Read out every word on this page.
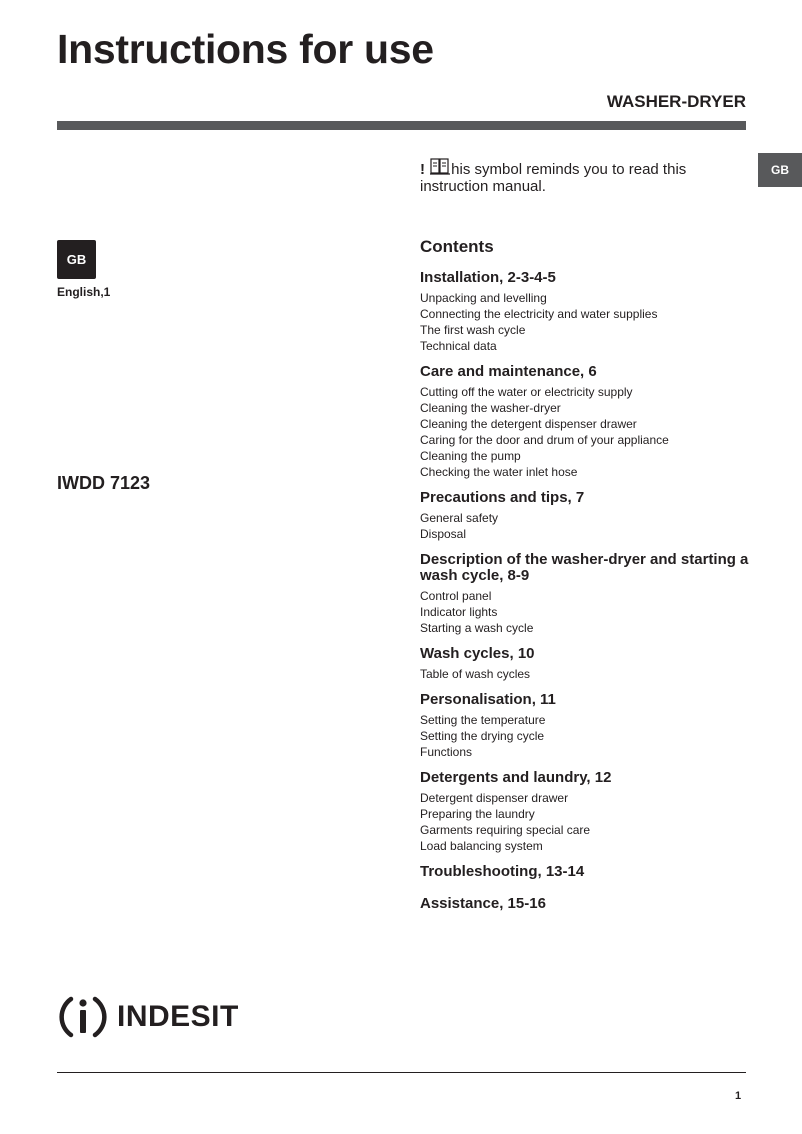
Instructions for use
WASHER-DRYER
GB
GB
English,1
IWDD 7123
! his symbol reminds you to read this instruction manual.
Contents
Installation, 2-3-4-5
Unpacking and levelling
Connecting the electricity and water supplies
The first wash cycle
Technical data
Care and maintenance, 6
Cutting off the water or electricity supply
Cleaning the washer-dryer
Cleaning the detergent dispenser drawer
Caring for the door and drum of your appliance
Cleaning the pump
Checking the water inlet hose
Precautions and tips, 7
General safety
Disposal
Description of the washer-dryer and starting a wash cycle, 8-9
Control panel
Indicator lights
Starting a wash cycle
Wash cycles, 10
Table of wash cycles
Personalisation, 11
Setting the temperature
Setting the drying cycle
Functions
Detergents and laundry, 12
Detergent dispenser drawer
Preparing the laundry
Garments requiring special care
Load balancing system
Troubleshooting, 13-14
Assistance, 15-16
INDESIT
1
